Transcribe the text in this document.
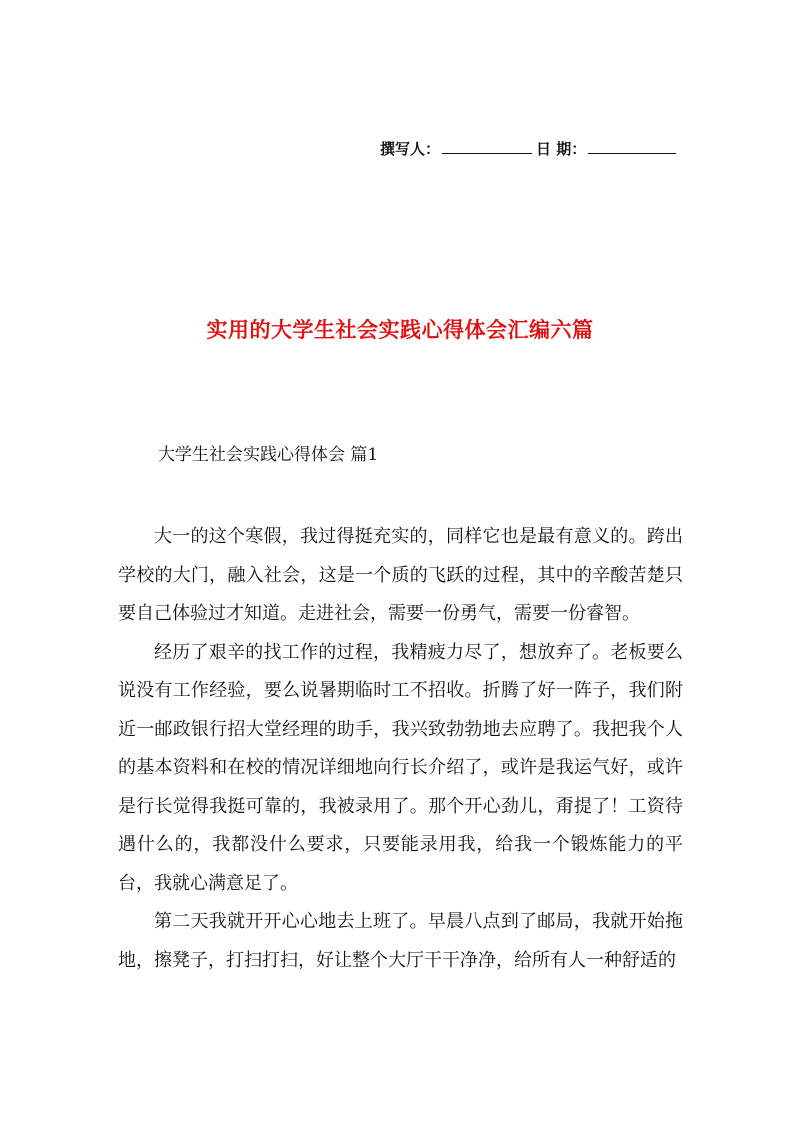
撰写人：	日 期：
实用的大学生社会实践心得体会汇编六篇
大学生社会实践心得体会 篇1

大一的这个寒假，我过得挺充实的，同样它也是最有意义的。跨出学校的大门，融入社会，这是一个质的飞跃的过程，其中的辛酸苦楚只要自己体验过才知道。走进社会，需要一份勇气，需要一份睿智。

经历了艰辛的找工作的过程，我精疲力尽了，想放弃了。老板要么说没有工作经验，要么说暑期临时工不招收。折腾了好一阵子，我们附近一邮政银行招大堂经理的助手，我兴致勃勃地去应聘了。我把我个人的基本资料和在校的情况详细地向行长介绍了，或许是我运气好，或许是行长觉得我挺可靠的，我被录用了。那个开心劲儿，甭提了！工资待遇什么的，我都没什么要求，只要能录用我，给我一个锻炼能力的平台，我就心满意足了。

第二天我就开开心心地去上班了。早晨八点到了邮局，我就开始拖地，擦凳子，打扫打扫，好让整个大厅干干净净，给所有人一种舒适的
